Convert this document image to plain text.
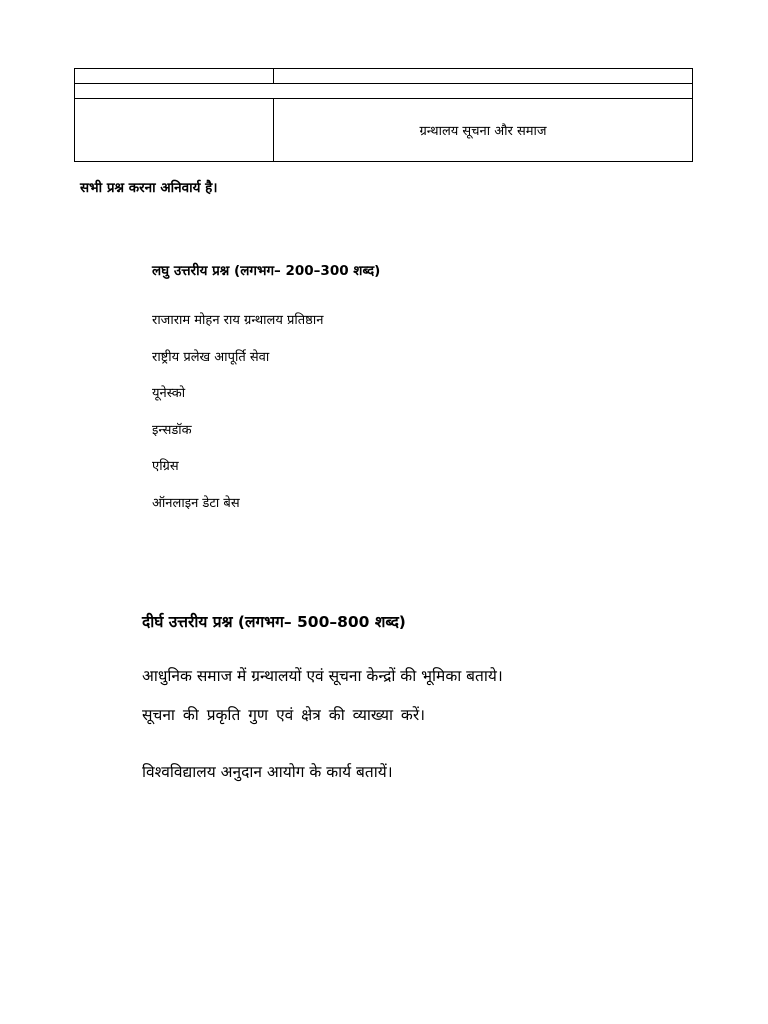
	ग्रन्थालय सूचना और समाज
सभी प्रश्न करना अनिवार्य है।
लघु उत्तरीय प्रश्न (लगभग– 200–300 शब्द)
राजाराम मोहन राय ग्रन्थालय प्रतिष्ठान
राष्ट्रीय प्रलेख आपूर्ति सेवा
यूनेस्को
इन्सडॉक
एग्रिस
ऑनलाइन डेटा बेस
दीर्घ उत्तरीय प्रश्न (लगभग– 500–800 शब्द)
आधुनिक समाज में ग्रन्थालयों एवं सूचना केन्द्रों की भूमिका बताये।
सूचना की प्रकृति गुण एवं क्षेत्र की व्याख्या करें।
विश्वविद्यालय अनुदान आयोग के कार्य बतायें।
